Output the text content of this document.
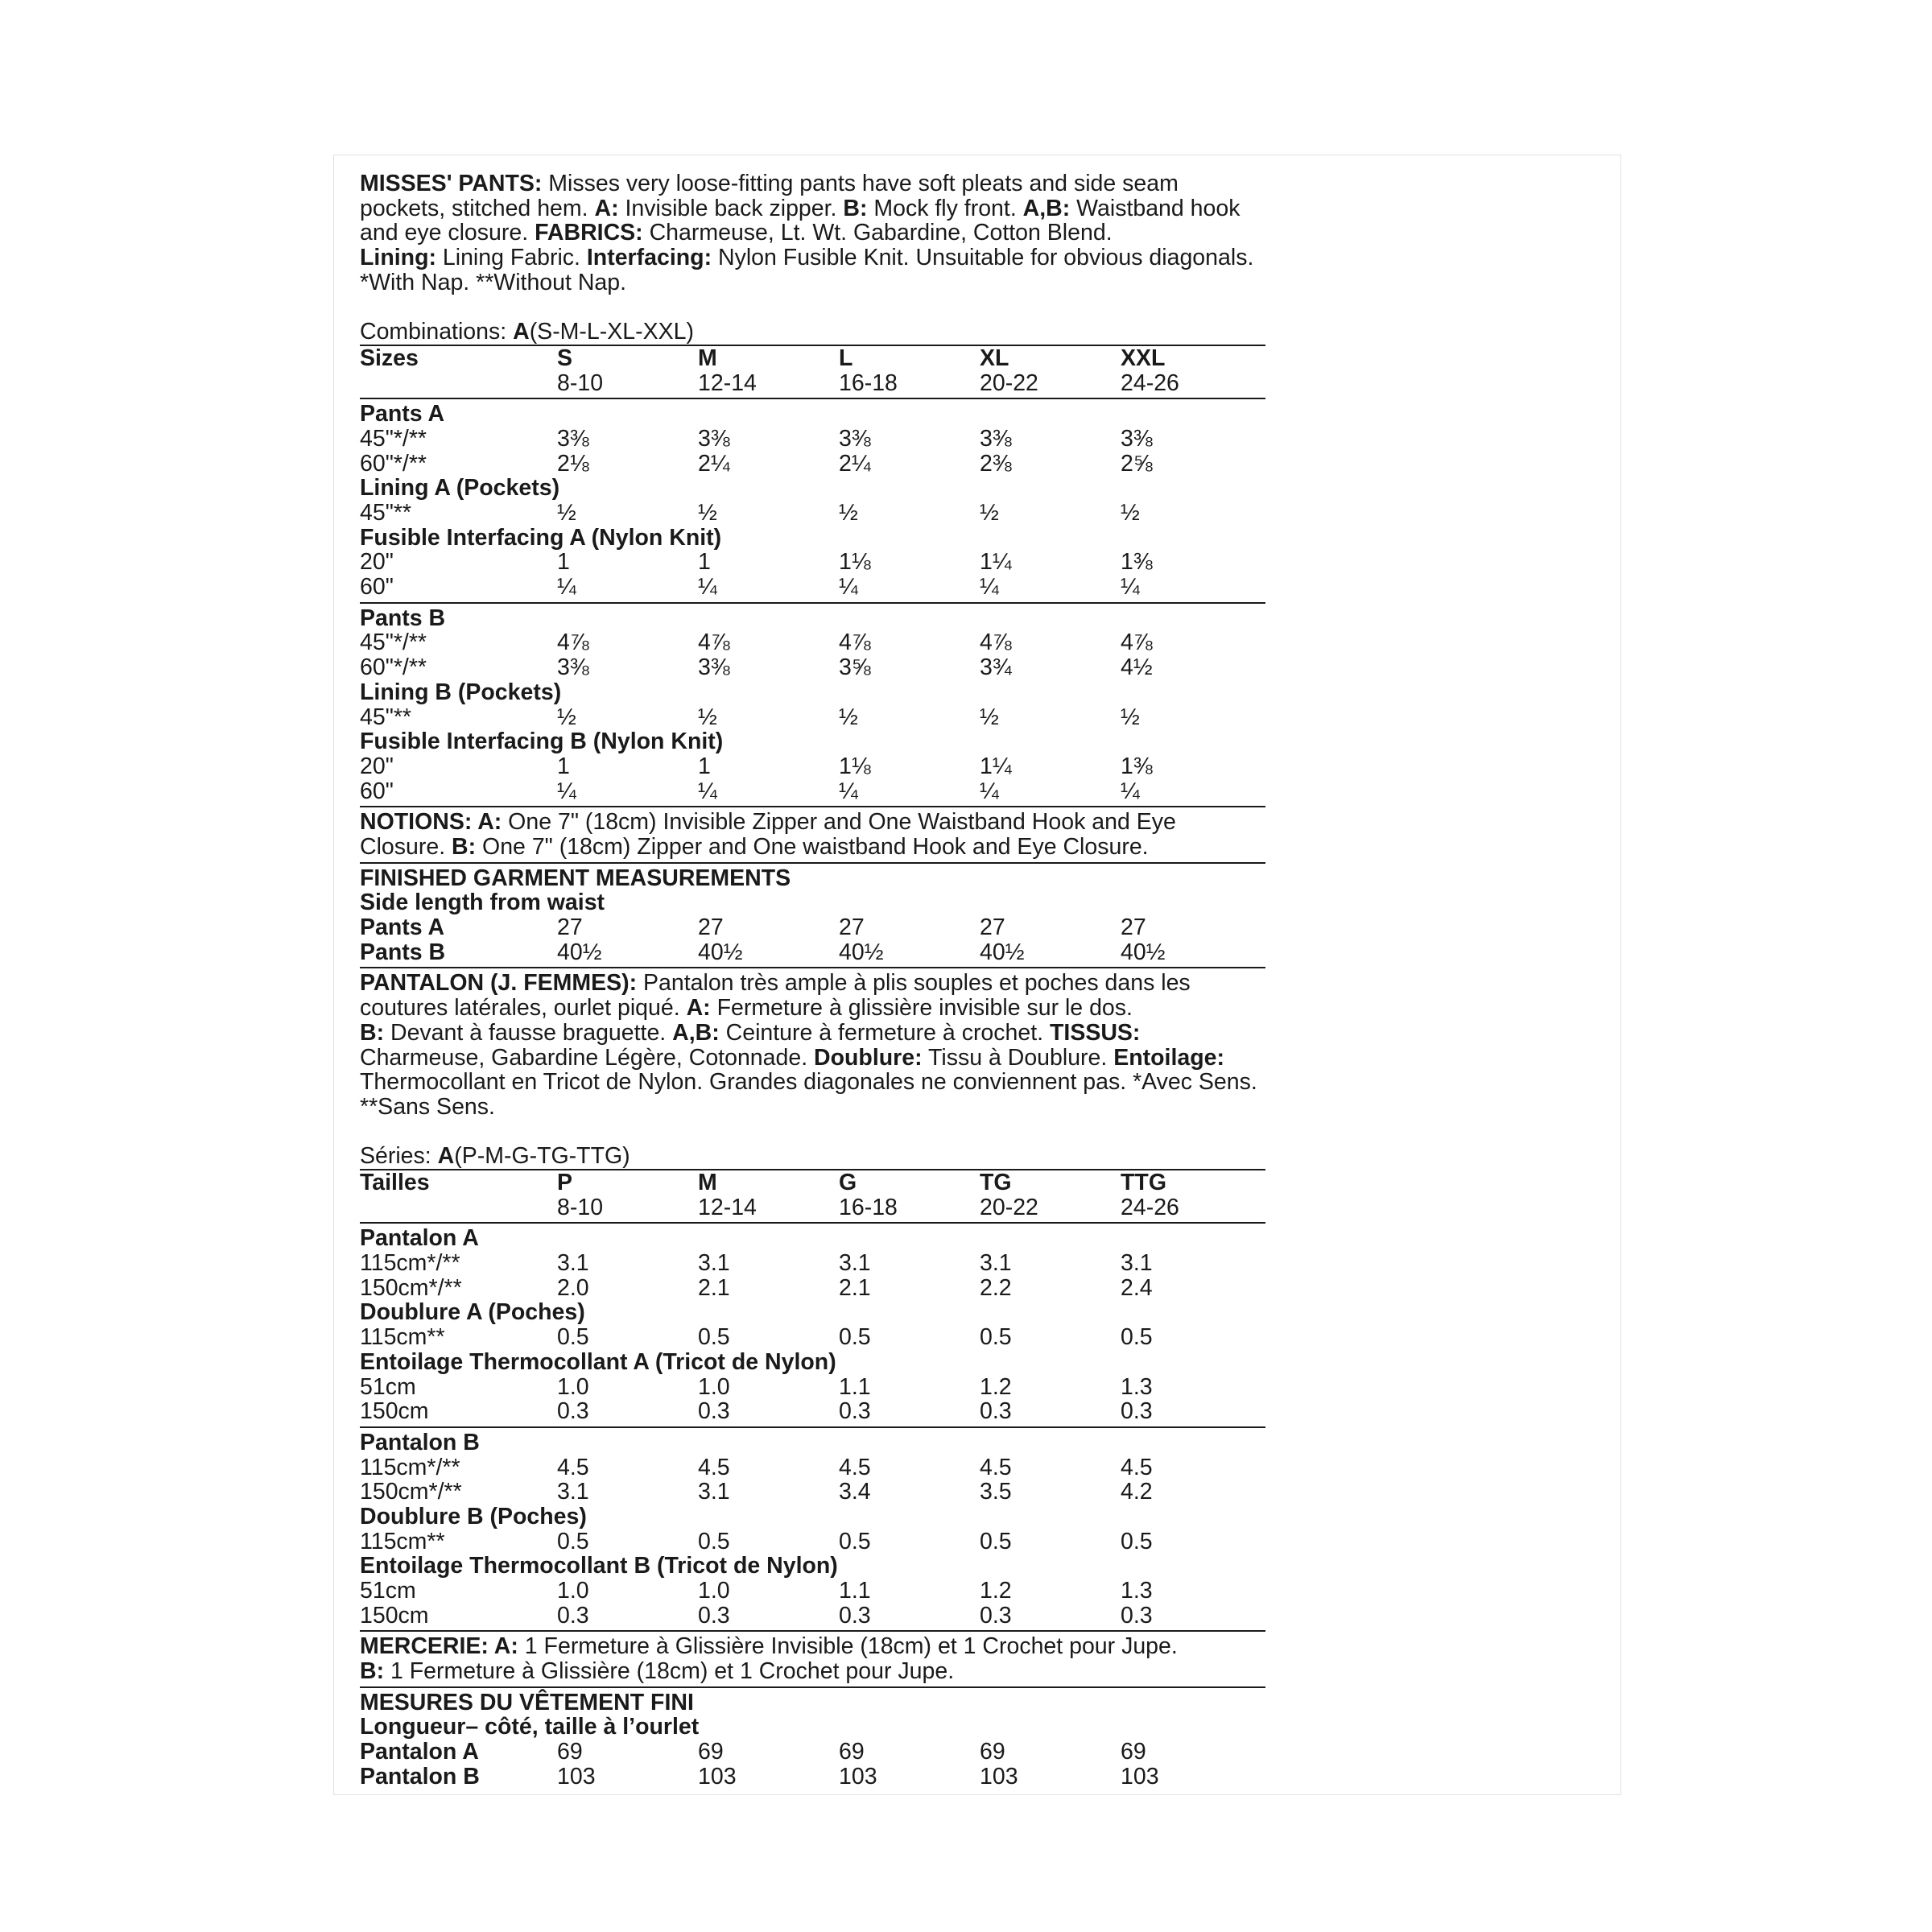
MISSES' PANTS: Misses very loose-fitting pants have soft pleats and side seam pockets, stitched hem. A: Invisible back zipper. B: Mock fly front. A,B: Waistband hook and eye closure. FABRICS: Charmeuse, Lt. Wt. Gabardine, Cotton Blend.
Lining: Lining Fabric. Interfacing: Nylon Fusible Knit. Unsuitable for obvious diagonals. *With Nap. **Without Nap.

Combinations: A(S-M-L-XL-XXL)
Sizes	S	M	L	XL	XXL
8-10	12-14	16-18	20-22	24-26
Pants A
45"*/**	3⅜	3⅜	3⅜	3⅜	3⅜
60"*/**	2⅛	2¼	2¼	2⅜	2⅝
Lining A (Pockets)
45"**	½	½	½	½	½
Fusible Interfacing A (Nylon Knit)
20"	1	1	1⅛	1¼	1⅜
60"	¼	¼	¼	¼	¼
Pants B
45"*/**	4⅞	4⅞	4⅞	4⅞	4⅞
60"*/**	3⅜	3⅜	3⅝	3¾	4½
Lining B (Pockets)
45"**	½	½	½	½	½
Fusible Interfacing B (Nylon Knit)
20"	1	1	1⅛	1¼	1⅜
60"	¼	¼	¼	¼	¼
NOTIONS: A: One 7" (18cm) Invisible Zipper and One Waistband Hook and Eye Closure. B: One 7" (18cm) Zipper and One waistband Hook and Eye Closure.
FINISHED GARMENT MEASUREMENTS
Side length from waist
Pants A	27	27	27	27	27
Pants B	40½	40½	40½	40½	40½

PANTALON (J. FEMMES): Pantalon très ample à plis souples et poches dans les coutures latérales, ourlet piqué. A: Fermeture à glissière invisible sur le dos.
B: Devant à fausse braguette. A,B: Ceinture à fermeture à crochet. TISSUS: Charmeuse, Gabardine Légère, Cotonnade. Doublure: Tissu à Doublure. Entoilage: Thermocollant en Tricot de Nylon. Grandes diagonales ne conviennent pas. *Avec Sens. **Sans Sens.

Séries: A(P-M-G-TG-TTG)
Tailles	P	M	G	TG	TTG
8-10	12-14	16-18	20-22	24-26
Pantalon A
115cm*/**	3.1	3.1	3.1	3.1	3.1
150cm*/**	2.0	2.1	2.1	2.2	2.4
Doublure A (Poches)
115cm**	0.5	0.5	0.5	0.5	0.5
Entoilage Thermocollant A (Tricot de Nylon)
51cm	1.0	1.0	1.1	1.2	1.3
150cm	0.3	0.3	0.3	0.3	0.3
Pantalon B
115cm*/**	4.5	4.5	4.5	4.5	4.5
150cm*/**	3.1	3.1	3.4	3.5	4.2
Doublure B (Poches)
115cm**	0.5	0.5	0.5	0.5	0.5
Entoilage Thermocollant B (Tricot de Nylon)
51cm	1.0	1.0	1.1	1.2	1.3
150cm	0.3	0.3	0.3	0.3	0.3
MERCERIE: A: 1 Fermeture à Glissière Invisible (18cm) et 1 Crochet pour Jupe.
B: 1 Fermeture à Glissière (18cm) et 1 Crochet pour Jupe.
MESURES DU VÊTEMENT FINI
Longueur– côté, taille à l’ourlet
Pantalon A	69	69	69	69	69
Pantalon B	103	103	103	103	103
